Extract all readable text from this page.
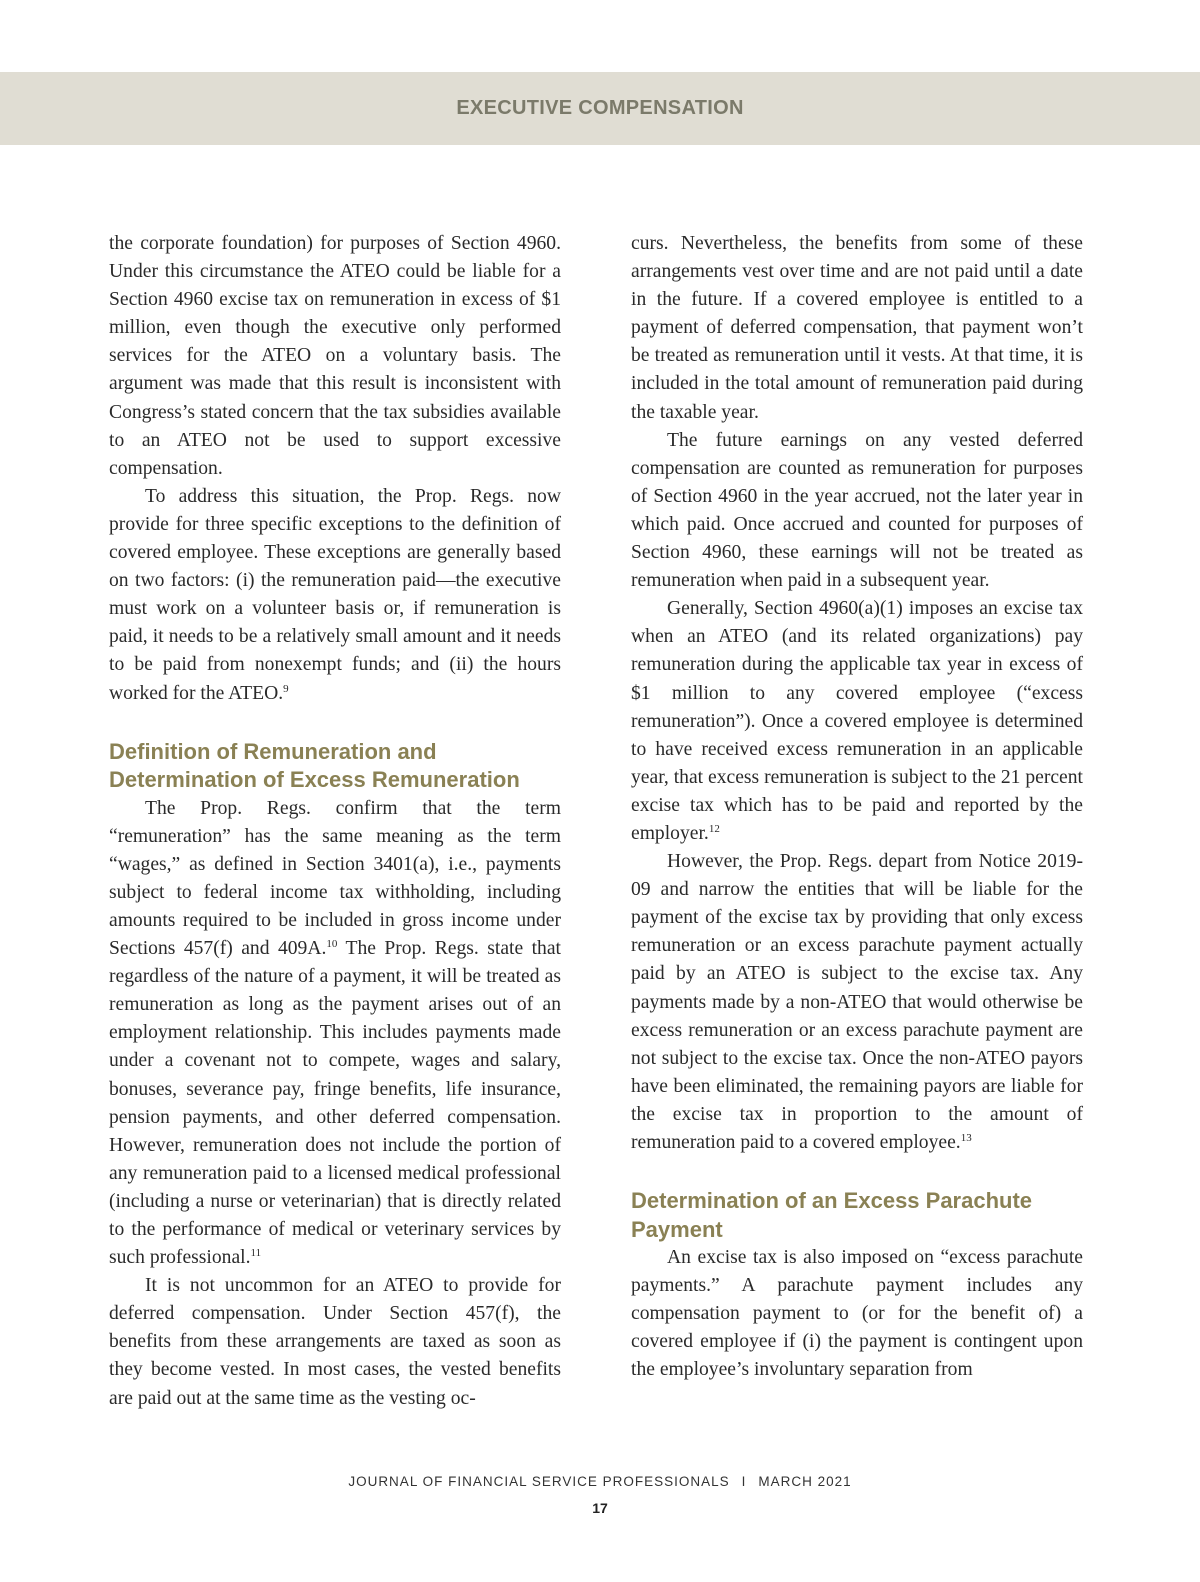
EXECUTIVE COMPENSATION

the corporate foundation) for purposes of Section 4960. Under this circumstance the ATEO could be liable for a Section 4960 excise tax on remuneration in excess of $1 million, even though the executive only performed services for the ATEO on a voluntary basis. The argument was made that this result is inconsistent with Congress’s stated concern that the tax subsidies available to an ATEO not be used to support excessive compensation.

To address this situation, the Prop. Regs. now provide for three specific exceptions to the definition of covered employee. These exceptions are generally based on two factors: (i) the remuneration paid—the executive must work on a volunteer basis or, if remuneration is paid, it needs to be a relatively small amount and it needs to be paid from nonexempt funds; and (ii) the hours worked for the ATEO.$^9$

Definition of Remuneration and Determination of Excess Remuneration

The Prop. Regs. confirm that the term “remuneration” has the same meaning as the term “wages,” as defined in Section 3401(a), i.e., payments subject to federal income tax withholding, including amounts required to be included in gross income under Sections 457(f) and 409A.$^{10}$ The Prop. Regs. state that regardless of the nature of a payment, it will be treated as remuneration as long as the payment arises out of an employment relationship. This includes payments made under a covenant not to compete, wages and salary, bonuses, severance pay, fringe benefits, life insurance, pension payments, and other deferred compensation. However, remuneration does not include the portion of any remuneration paid to a licensed medical professional (including a nurse or veterinarian) that is directly related to the performance of medical or veterinary services by such professional.$^{11}$

It is not uncommon for an ATEO to provide for deferred compensation. Under Section 457(f), the benefits from these arrangements are taxed as soon as they become vested. In most cases, the vested benefits are paid out at the same time as the vesting oc-

curs. Nevertheless, the benefits from some of these arrangements vest over time and are not paid until a date in the future. If a covered employee is entitled to a payment of deferred compensation, that payment won’t be treated as remuneration until it vests. At that time, it is included in the total amount of remuneration paid during the taxable year.

The future earnings on any vested deferred compensation are counted as remuneration for purposes of Section 4960 in the year accrued, not the later year in which paid. Once accrued and counted for purposes of Section 4960, these earnings will not be treated as remuneration when paid in a subsequent year.

Generally, Section 4960(a)(1) imposes an excise tax when an ATEO (and its related organizations) pay remuneration during the applicable tax year in excess of $1 million to any covered employee (“excess remuneration”). Once a covered employee is determined to have received excess remuneration in an applicable year, that excess remuneration is subject to the 21 percent excise tax which has to be paid and reported by the employer.$^{12}$

However, the Prop. Regs. depart from Notice 2019-09 and narrow the entities that will be liable for the payment of the excise tax by providing that only excess remuneration or an excess parachute payment actually paid by an ATEO is subject to the excise tax. Any payments made by a non-ATEO that would otherwise be excess remuneration or an excess parachute payment are not subject to the excise tax. Once the non-ATEO payors have been eliminated, the remaining payors are liable for the excise tax in proportion to the amount of remuneration paid to a covered employee.$^{13}$

Determination of an Excess Parachute Payment

An excise tax is also imposed on “excess parachute payments.” A parachute payment includes any compensation payment to (or for the benefit of) a covered employee if (i) the payment is contingent upon the employee’s involuntary separation from

JOURNAL OF FINANCIAL SERVICE PROFESSIONALS I MARCH 2021
17
